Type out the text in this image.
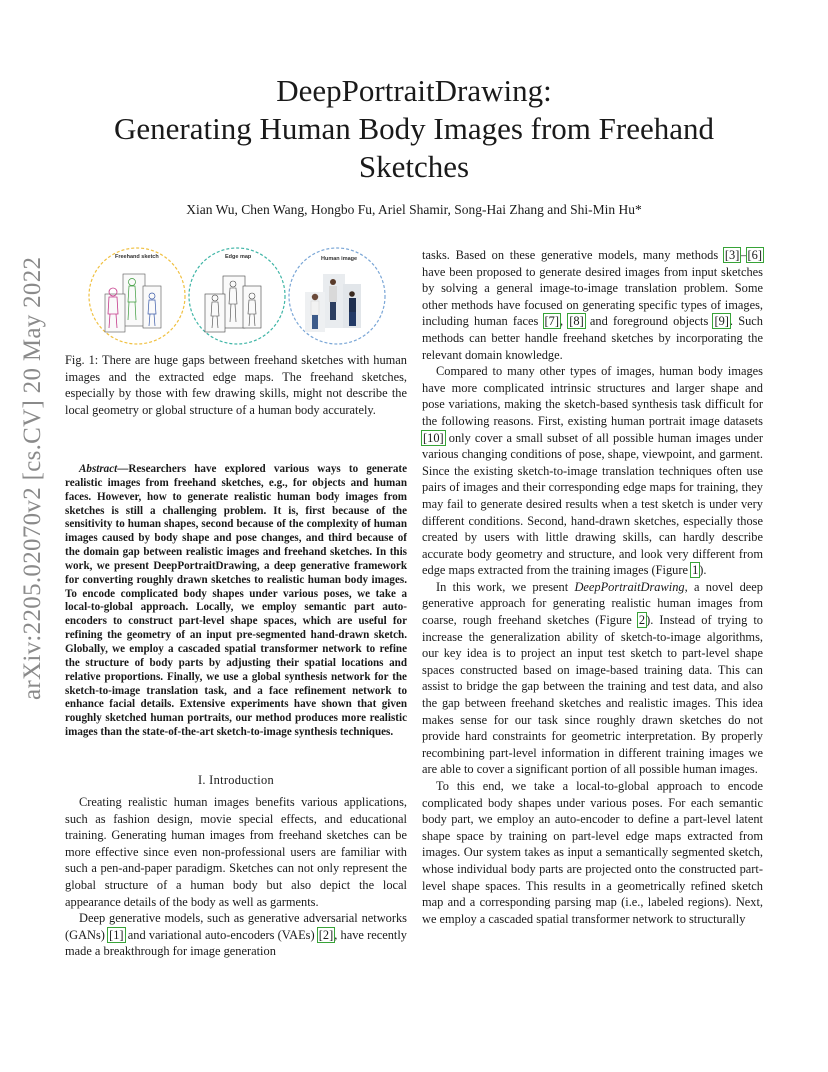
arXiv:2205.02070v2 [cs.CV] 20 May 2022
DeepPortraitDrawing:
Generating Human Body Images from Freehand
Sketches
Xian Wu, Chen Wang, Hongbo Fu, Ariel Shamir, Song-Hai Zhang and Shi-Min Hu*
Freehand sketch	Edge map	Human image
Fig. 1: There are huge gaps between freehand sketches with human images and the extracted edge maps. The freehand sketches, especially by those with few drawing skills, might not describe the local geometry or global structure of a human body accurately.
Abstract—Researchers have explored various ways to generate realistic images from freehand sketches, e.g., for objects and human faces. However, how to generate realistic human body images from sketches is still a challenging problem. It is, first because of the sensitivity to human shapes, second because of the complexity of human images caused by body shape and pose changes, and third because of the domain gap between realistic images and freehand sketches. In this work, we present DeepPortraitDrawing, a deep generative framework for converting roughly drawn sketches to realistic human body images. To encode complicated body shapes under various poses, we take a local-to-global approach. Locally, we employ semantic part auto-encoders to construct part-level shape spaces, which are useful for refining the geometry of an input pre-segmented hand-drawn sketch. Globally, we employ a cascaded spatial transformer network to refine the structure of body parts by adjusting their spatial locations and relative proportions. Finally, we use a global synthesis network for the sketch-to-image translation task, and a face refinement network to enhance facial details. Extensive experiments have shown that given roughly sketched human portraits, our method produces more realistic images than the state-of-the-art sketch-to-image synthesis techniques.
I. Introduction

Creating realistic human images benefits various applications, such as fashion design, movie special effects, and educational training. Generating human images from freehand sketches can be more effective since even non-professional users are familiar with such a pen-and-paper paradigm. Sketches can not only represent the global structure of a human body but also depict the local appearance details of the body as well as garments.

Deep generative models, such as generative adversarial networks (GANs) [1] and variational auto-encoders (VAEs) [2], have recently made a breakthrough for image generation

tasks. Based on these generative models, many methods [3]–[6] have been proposed to generate desired images from input sketches by solving a general image-to-image translation problem. Some other methods have focused on generating specific types of images, including human faces [7], [8] and foreground objects [9]. Such methods can better handle freehand sketches by incorporating the relevant domain knowledge.

Compared to many other types of images, human body images have more complicated intrinsic structures and larger shape and pose variations, making the sketch-based synthesis task difficult for the following reasons. First, existing human portrait image datasets [10] only cover a small subset of all possible human images under various changing conditions of pose, shape, viewpoint, and garment. Since the existing sketch-to-image translation techniques often use pairs of images and their corresponding edge maps for training, they may fail to generate desired results when a test sketch is under very different conditions. Second, hand-drawn sketches, especially those created by users with little drawing skills, can hardly describe accurate body geometry and structure, and look very different from edge maps extracted from the training images (Figure 1).

In this work, we present DeepPortraitDrawing, a novel deep generative approach for generating realistic human images from coarse, rough freehand sketches (Figure 2). Instead of trying to increase the generalization ability of sketch-to-image algorithms, our key idea is to project an input test sketch to part-level shape spaces constructed based on image-based training data. This can assist to bridge the gap between the training and test data, and also the gap between freehand sketches and realistic images. This idea makes sense for our task since roughly drawn sketches do not provide hard constraints for geometric interpretation. By properly recombining part-level information in different training images we are able to cover a significant portion of all possible human images.

To this end, we take a local-to-global approach to encode complicated body shapes under various poses. For each semantic body part, we employ an auto-encoder to define a part-level latent shape space by training on part-level edge maps extracted from images. Our system takes as input a semantically segmented sketch, whose individual body parts are projected onto the constructed part-level shape spaces. This results in a geometrically refined sketch map and a corresponding parsing map (i.e., labeled regions). Next, we employ a cascaded spatial transformer network to structurally
